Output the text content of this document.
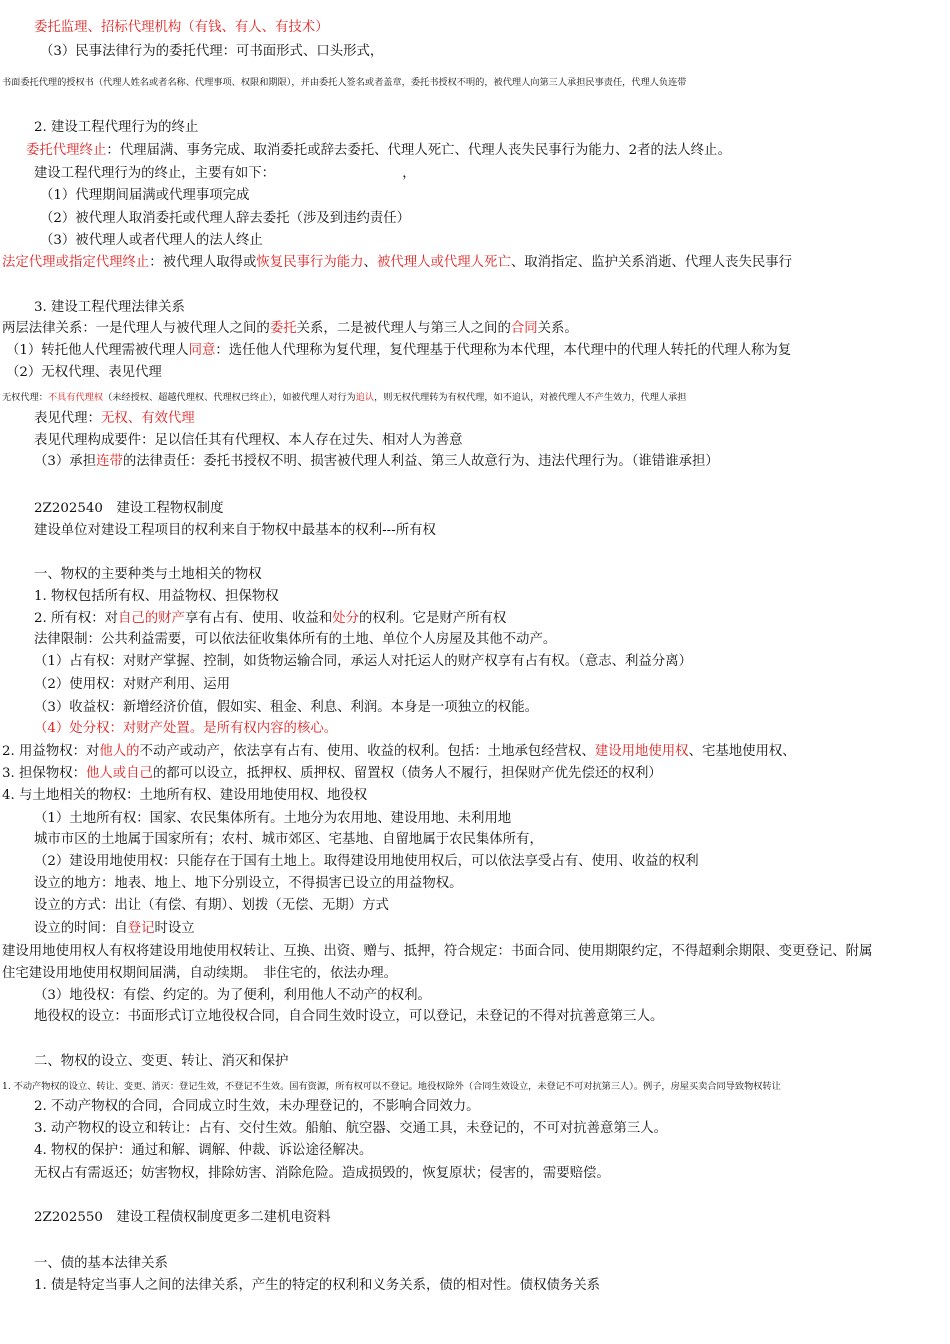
委托监理、招标代理机构（有钱、有人、有技术）
（3）民事法律行为的委托代理：可书面形式、口头形式，
书面委托代理的授权书（代理人姓名或者名称、代理事项、权限和期限），并由委托人签名或者盖章，委托书授权不明的，被代理人向第三人承担民事责任，代理人负连带
2. 建设工程代理行为的终止
委托代理终止：代理届满、事务完成、取消委托或辞去委托、代理人死亡、代理人丧失民事行为能力、2者的法人终止。
建设工程代理行为的终止，主要有如下：　　　　　　　　　　，
（1）代理期间届满或代理事项完成
（2）被代理人取消委托或代理人辞去委托（涉及到违约责任）
（3）被代理人或者代理人的法人终止
法定代理或指定代理终止：被代理人取得或恢复民事行为能力、被代理人或代理人死亡、取消指定、监护关系消逝、代理人丧失民事行
3. 建设工程代理法律关系
两层法律关系：一是代理人与被代理人之间的委托关系，二是被代理人与第三人之间的合同关系。
（1）转托他人代理需被代理人同意：选任他人代理称为复代理，复代理基于代理称为本代理，本代理中的代理人转托的代理人称为复
（2）无权代理、表见代理
无权代理：不具有代理权（未经授权、超越代理权、代理权已终止），如被代理人对行为追认，则无权代理转为有权代理，如不追认，对被代理人不产生效力，代理人承担
表见代理：无权、有效代理
表见代理构成要件：足以信任其有代理权、本人存在过失、相对人为善意
（3）承担连带的法律责任：委托书授权不明、损害被代理人利益、第三人故意行为、违法代理行为。（谁错谁承担）
2Z202540　建设工程物权制度
建设单位对建设工程项目的权利来自于物权中最基本的权利---所有权
一、物权的主要种类与土地相关的物权
1. 物权包括所有权、用益物权、担保物权
2. 所有权：对自己的财产享有占有、使用、收益和处分的权利。它是财产所有权
法律限制：公共利益需要，可以依法征收集体所有的土地、单位个人房屋及其他不动产。
（1）占有权：对财产掌握、控制，如货物运输合同，承运人对托运人的财产权享有占有权。（意志、利益分离）
（2）使用权：对财产利用、运用
（3）收益权：新增经济价值，假如实、租金、利息、利润。本身是一项独立的权能。
（4）处分权：对财产处置。是所有权内容的核心。
2. 用益物权：对他人的不动产或动产，依法享有占有、使用、收益的权利。包括：土地承包经营权、建设用地使用权、宅基地使用权、
3. 担保物权：他人或自己的都可以设立，抵押权、质押权、留置权（债务人不履行，担保财产优先偿还的权利）
4. 与土地相关的物权：土地所有权、建设用地使用权、地役权
（1）土地所有权：国家、农民集体所有。土地分为农用地、建设用地、未利用地
城市市区的土地属于国家所有；农村、城市郊区、宅基地、自留地属于农民集体所有，
（2）建设用地使用权：只能存在于国有土地上。取得建设用地使用权后，可以依法享受占有、使用、收益的权利
设立的地方：地表、地上、地下分别设立，不得损害已设立的用益物权。
设立的方式：出让（有偿、有期）、划拨（无偿、无期）方式
设立的时间：自登记时设立
建设用地使用权人有权将建设用地使用权转让、互换、出资、赠与、抵押，符合规定：书面合同、使用期限约定，不得超剩余期限、变更登记、附属
住宅建设用地使用权期间届满，自动续期。　非住宅的，依法办理。
（3）地役权：有偿、约定的。为了便利，利用他人不动产的权利。
地役权的设立：书面形式订立地役权合同，自合同生效时设立，可以登记，未登记的不得对抗善意第三人。
二、物权的设立、变更、转让、消灭和保护
1. 不动产物权的设立、转让、变更、消灭：登记生效，不登记不生效。国有资源，所有权可以不登记。地役权除外（合同生效设立，未登记不可对抗第三人）。例子，房屋买卖合同导致物权转让
2. 不动产物权的合同，合同成立时生效，未办理登记的，不影响合同效力。
3. 动产物权的设立和转让：占有、交付生效。船舶、航空器、交通工具，未登记的，不可对抗善意第三人。
4. 物权的保护：通过和解、调解、仲裁、诉讼途径解决。
无权占有需返还；妨害物权，排除妨害、消除危险。造成损毁的，恢复原状；侵害的，需要赔偿。
2Z202550　建设工程债权制度更多二建机电资料
一、债的基本法律关系
1. 债是特定当事人之间的法律关系，产生的特定的权利和义务关系，债的相对性。债权债务关系
